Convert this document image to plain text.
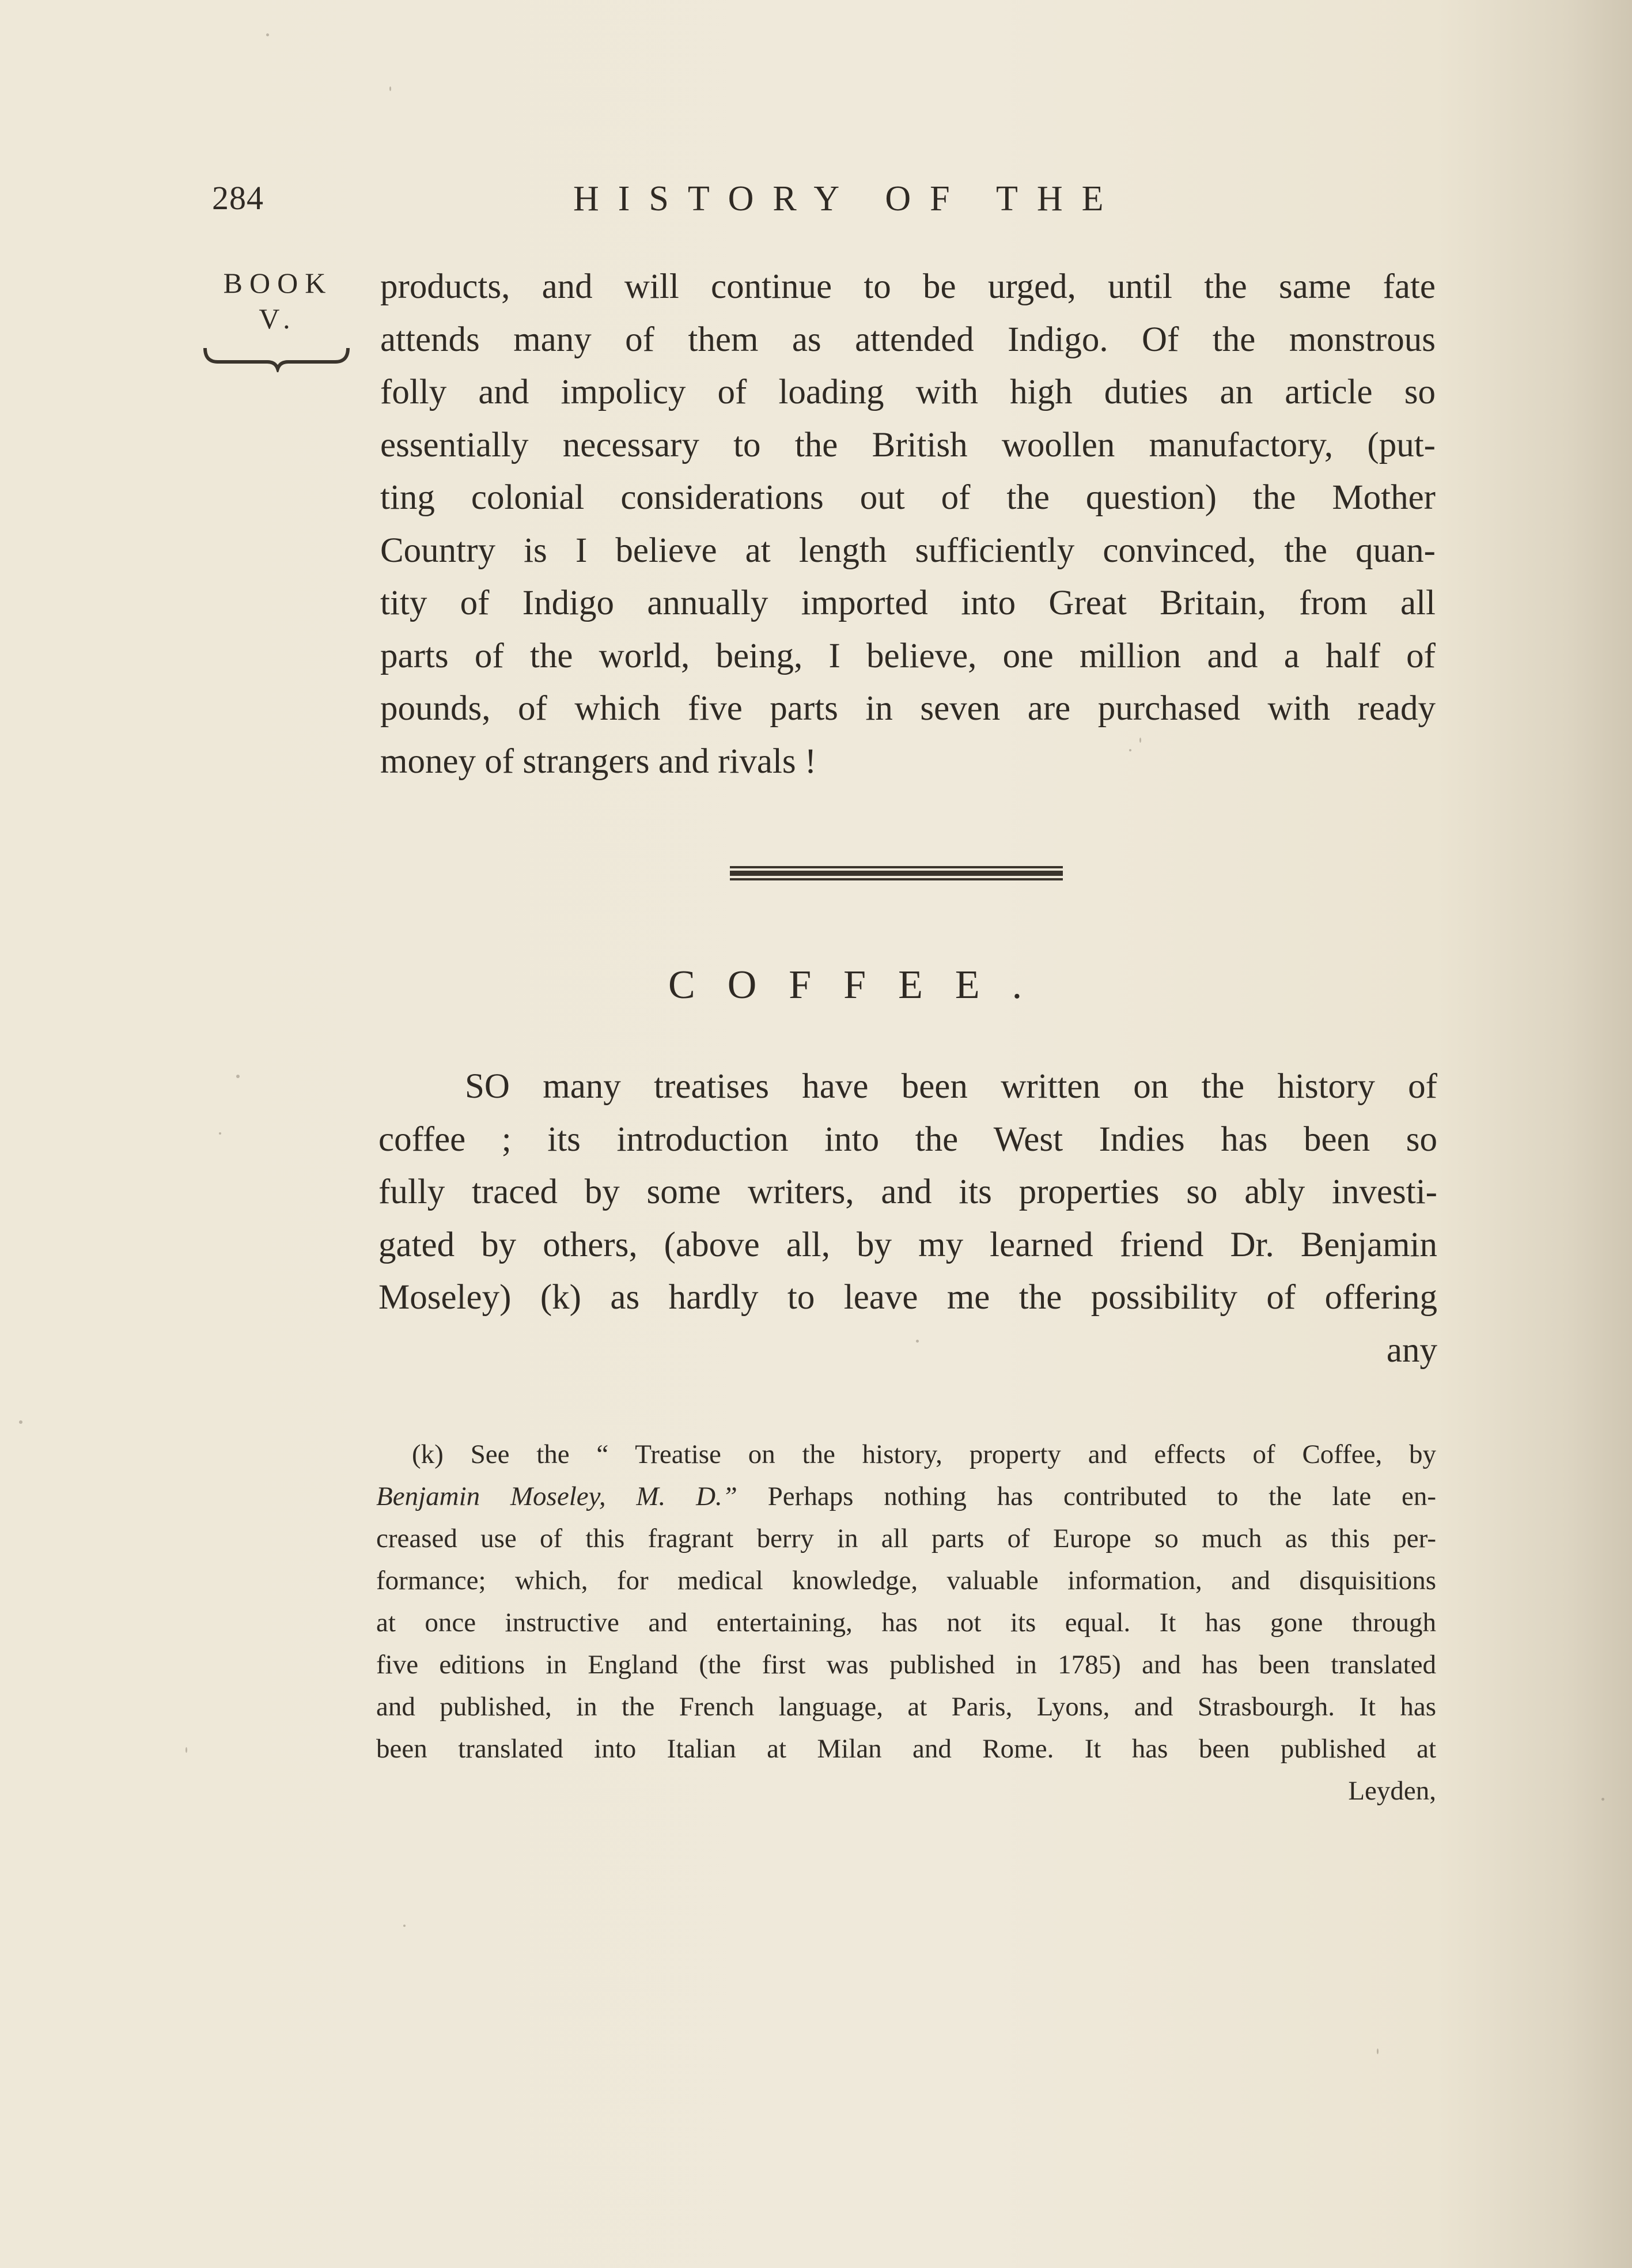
284	HISTORY OF THE
BOOK
V.
products, and will continue to be urged, until the same fate
attends many of them as attended Indigo. Of the monstrous
folly and impolicy of loading with high duties an article so
essentially necessary to the British woollen manufactory, (put-
ting colonial considerations out of the question) the Mother
Country is I believe at length sufficiently convinced, the quan-
tity of Indigo annually imported into Great Britain, from all
parts of the world, being, I believe, one million and a half of
pounds, of which five parts in seven are purchased with ready
money of strangers and rivals !
COFFEE.
SO many treatises have been written on the history of
coffee ; its introduction into the West Indies has been so
fully traced by some writers, and its properties so ably investi-
gated by others, (above all, by my learned friend Dr. Benjamin
Moseley) (k) as hardly to leave me the possibility of offering
any
(k) See the “ Treatise on the history, property and effects of Coffee, by
Benjamin Moseley, M. D.” Perhaps nothing has contributed to the late en-
creased use of this fragrant berry in all parts of Europe so much as this per-
formance; which, for medical knowledge, valuable information, and disquisitions
at once instructive and entertaining, has not its equal. It has gone through
five editions in England (the first was published in 1785) and has been translated
and published, in the French language, at Paris, Lyons, and Strasbourgh. It has
been translated into Italian at Milan and Rome. It has been published at
Leyden,
